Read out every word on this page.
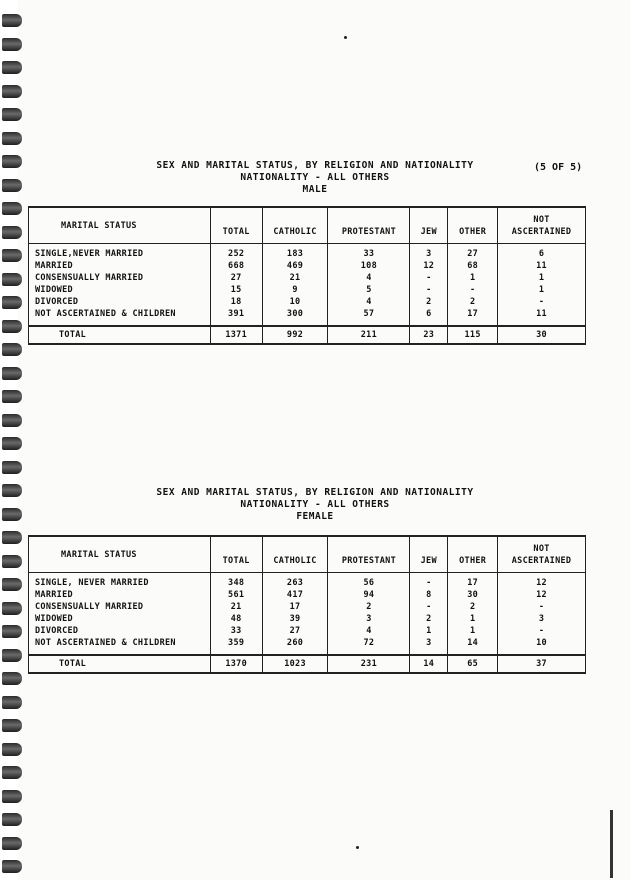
(5 OF 5)
SEX AND MARITAL STATUS, BY RELIGION AND NATIONALITY
NATIONALITY - ALL OTHERS
MALE
MARITAL STATUS	TOTAL	CATHOLIC	PROTESTANT	JEW	OTHER	NOT
ASCERTAINED
SINGLE,NEVER MARRIED	252	183	33	3	27	6
MARRIED	668	469	108	12	68	11
CONSENSUALLY MARRIED	27	21	4	-	1	1
WIDOWED	15	9	5	-	-	1
DIVORCED	18	10	4	2	2	-
NOT ASCERTAINED & CHILDREN	391	300	57	6	17	11
TOTAL	1371	992	211	23	115	30
SEX AND MARITAL STATUS, BY RELIGION AND NATIONALITY
NATIONALITY - ALL OTHERS
FEMALE
MARITAL STATUS	TOTAL	CATHOLIC	PROTESTANT	JEW	OTHER	NOT
ASCERTAINED
SINGLE, NEVER MARRIED	348	263	56	-	17	12
MARRIED	561	417	94	8	30	12
CONSENSUALLY MARRIED	21	17	2	-	2	-
WIDOWED	48	39	3	2	1	3
DIVORCED	33	27	4	1	1	-
NOT ASCERTAINED & CHILDREN	359	260	72	3	14	10
TOTAL	1370	1023	231	14	65	37
